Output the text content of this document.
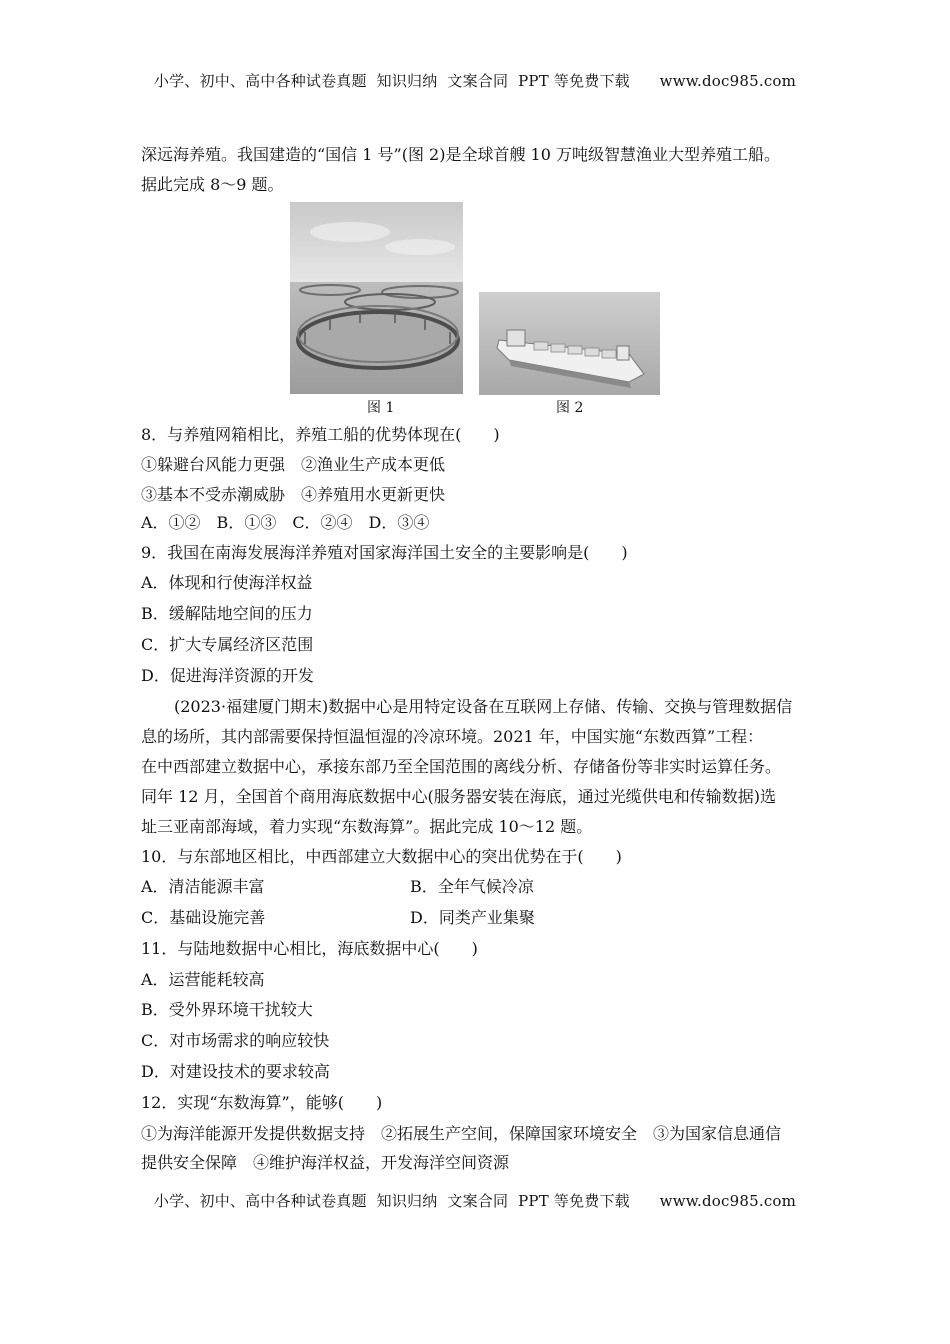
小学、初中、高中各种试卷真题  知识归纳  文案合同  PPT 等免费下载      www.doc985.com
深远海养殖。我国建造的“国信 1 号”(图 2)是全球首艘 10 万吨级智慧渔业大型养殖工船。
据此完成 8～9 题。
图 1	图 2
8．与养殖网箱相比，养殖工船的优势体现在(　　)
①躲避台风能力更强　②渔业生产成本更低
③基本不受赤潮威胁　④养殖用水更新更快
A．①②　B．①③　C．②④　D．③④
9．我国在南海发展海洋养殖对国家海洋国土安全的主要影响是(　　)
A．体现和行使海洋权益
B．缓解陆地空间的压力
C．扩大专属经济区范围
D．促进海洋资源的开发
(2023·福建厦门期末)数据中心是用特定设备在互联网上存储、传输、交换与管理数据信
息的场所，其内部需要保持恒温恒湿的冷凉环境。2021 年，中国实施“东数西算”工程：
在中西部建立数据中心，承接东部乃至全国范围的离线分析、存储备份等非实时运算任务。
同年 12 月，全国首个商用海底数据中心(服务器安装在海底，通过光缆供电和传输数据)选
址三亚南部海域，着力实现“东数海算”。据此完成 10～12 题。
10．与东部地区相比，中西部建立大数据中心的突出优势在于(　　)
A．清洁能源丰富	B．全年气候冷凉
C．基础设施完善	D．同类产业集聚
11．与陆地数据中心相比，海底数据中心(　　)
A．运营能耗较高
B．受外界环境干扰较大
C．对市场需求的响应较快
D．对建设技术的要求较高
12．实现“东数海算”，能够(　　)
①为海洋能源开发提供数据支持　②拓展生产空间，保障国家环境安全　③为国家信息通信
提供安全保障　④维护海洋权益，开发海洋空间资源
小学、初中、高中各种试卷真题  知识归纳  文案合同  PPT 等免费下载      www.doc985.com
